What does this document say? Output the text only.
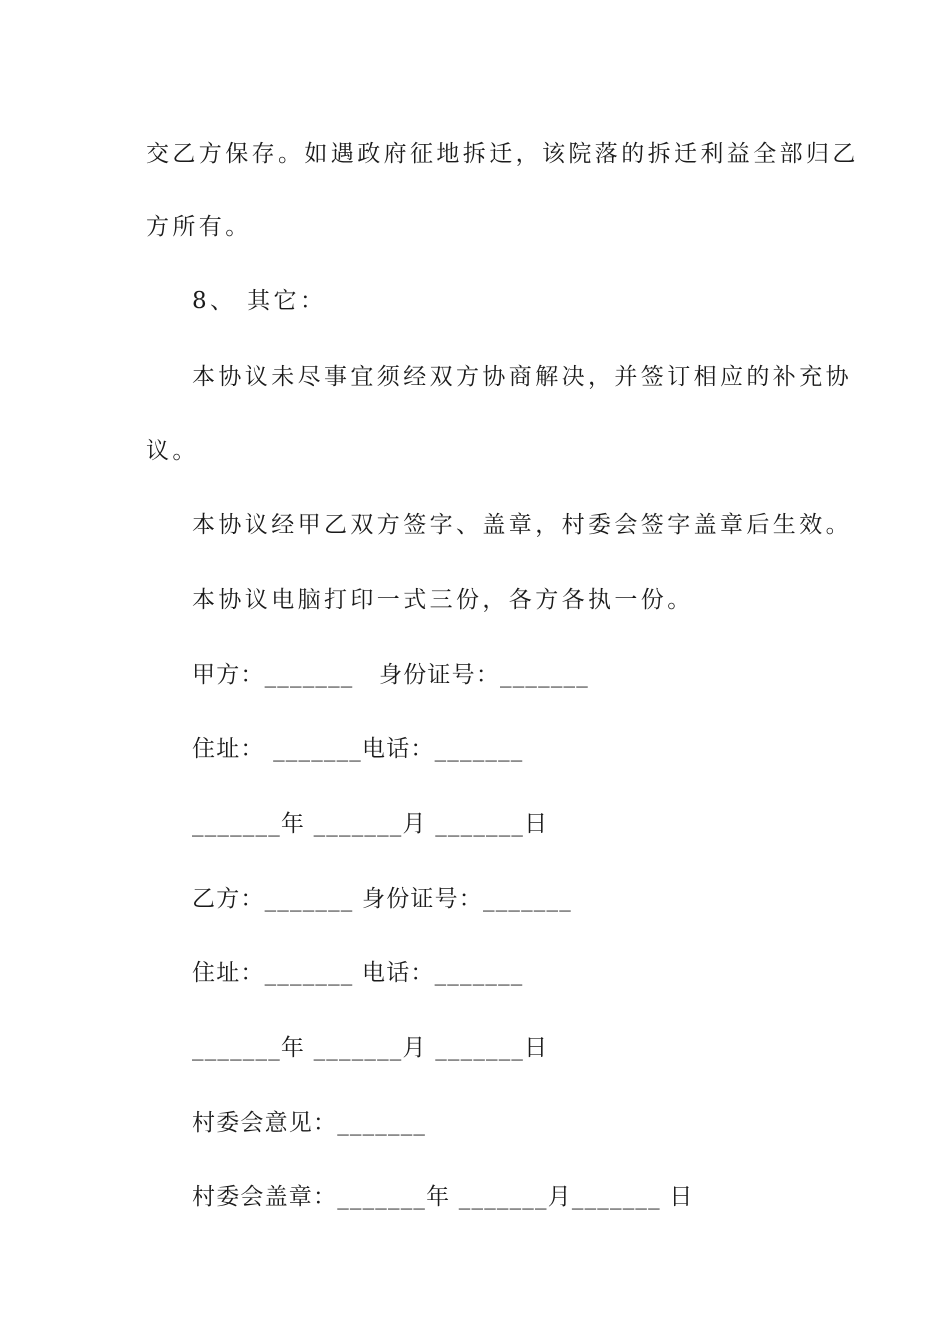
交乙方保存。如遇政府征地拆迁，该院落的拆迁利益全部归乙
方所有。
8、 其它：
本协议未尽事宜须经双方协商解决，并签订相应的补充协
议。
本协议经甲乙双方签字、盖章，村委会签字盖章后生效。
本协议电脑打印一式三份，各方各执一份。
甲方：_______   身份证号：_______
住址： _______电话：_______
_______年 _______月 _______日
乙方：_______ 身份证号：_______
住址：_______ 电话：_______
_______年 _______月 _______日
村委会意见：_______
村委会盖章：_______年 _______月_______ 日
